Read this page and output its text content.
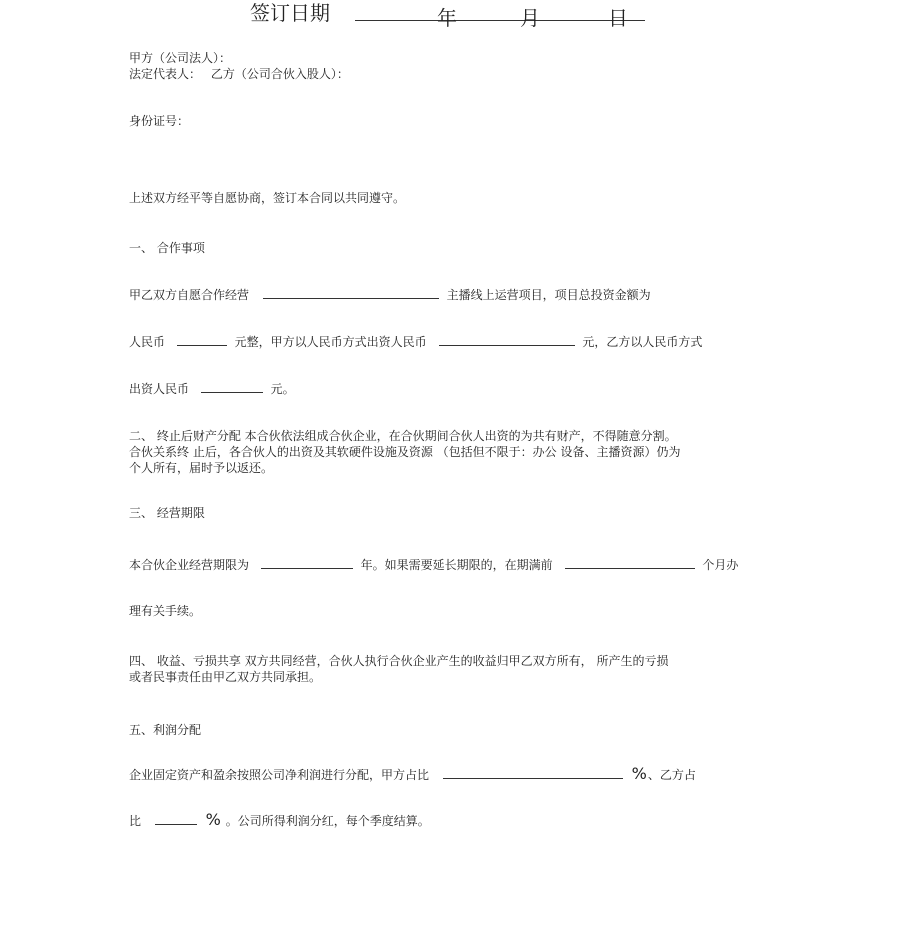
签订日期	年	月	日
甲方（公司法人）：
法定代表人： 乙方（公司合伙入股人）：
身份证号：
上述双方经平等自愿协商，签订本合同以共同遵守。
一、 合作事项
甲乙双方自愿合作经营	主播线上运营项目，项目总投资金额为
人民币	元整，甲方以人民币方式出资人民币	元，乙方以人民币方式
出资人民币	元。
二、 终止后财产分配 本合伙依法组成合伙企业，在合伙期间合伙人出资的为共有财产，不得随意分割。
合伙关系终 止后，各合伙人的出资及其软硬件设施及资源 （包括但不限于：办公 设备、主播资源）仍为
个人所有，届时予以返还。
三、 经营期限
本合伙企业经营期限为	年。如果需要延长期限的，在期满前	个月办
理有关手续。
四、 收益、亏损共享 双方共同经营，合伙人执行合伙企业产生的收益归甲乙双方所有， 所产生的亏损
或者民事责任由甲乙双方共同承担。
五、利润分配
企业固定资产和盈余按照公司净利润进行分配，甲方占比	%、乙方占
比	% 。公司所得利润分红，每个季度结算。
